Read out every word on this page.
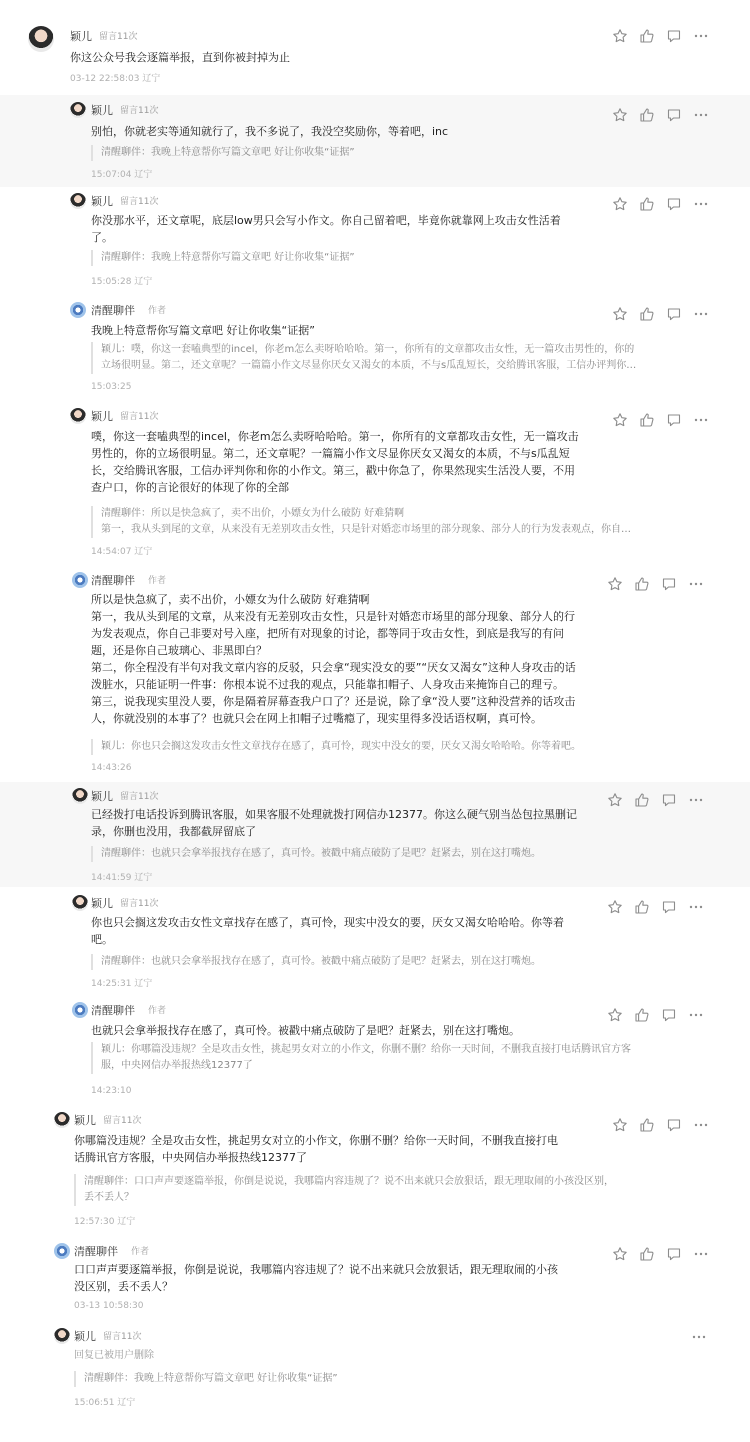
颖儿 留言11次
你这公众号我会逐篇举报，直到你被封掉为止
03-12 22:58:03 辽宁
颖儿 留言11次
别怕，你就老实等通知就行了，我不多说了，我没空奖励你，等着吧，inc
清醒聊伴：我晚上特意帮你写篇文章吧 好让你收集“证据”
15:07:04 辽宁
颖儿 留言11次
你没那水平，还文章呢，底层low男只会写小作文。你自己留着吧，毕竟你就靠网上攻击女性活着
了。
清醒聊伴：我晚上特意帮你写篇文章吧 好让你收集“证据”
15:05:28 辽宁
清醒聊伴 作者
我晚上特意帮你写篇文章吧 好让你收集“证据”
颖儿：噗，你这一套嗑典型的incel，你老m怎么卖呀哈哈哈。第一，你所有的文章都攻击女性，无一篇攻击男性的，你的
立场很明显。第二，还文章呢？一篇篇小作文尽显你厌女又渴女的本质，不与s瓜乱短长，交给腾讯客服，工信办评判你…
15:03:25
颖儿 留言11次
噗，你这一套嗑典型的incel，你老m怎么卖呀哈哈哈。第一，你所有的文章都攻击女性，无一篇攻击
男性的，你的立场很明显。第二，还文章呢？一篇篇小作文尽显你厌女又渴女的本质，不与s瓜乱短
长，交给腾讯客服，工信办评判你和你的小作文。第三，戳中你急了，你果然现实生活没人要，不用
查户口，你的言论很好的体现了你的全部
清醒聊伴：所以是快急疯了，卖不出价，小嫖女为什么破防 好难猜啊
第一，我从头到尾的文章，从来没有无差别攻击女性，只是针对婚恋市场里的部分现象、部分人的行为发表观点，你自…
14:54:07 辽宁
清醒聊伴 作者
所以是快急疯了，卖不出价，小嫖女为什么破防 好难猜啊
第一，我从头到尾的文章，从来没有无差别攻击女性，只是针对婚恋市场里的部分现象、部分人的行
为发表观点，你自己非要对号入座，把所有对现象的讨论，都等同于攻击女性，到底是我写的有问
题，还是你自己玻璃心、非黑即白？
第二，你全程没有半句对我文章内容的反驳，只会拿“现实没女的要”“厌女又渴女”这种人身攻击的话
泼脏水，只能证明一件事：你根本说不过我的观点，只能靠扣帽子、人身攻击来掩饰自己的理亏。
第三，说我现实里没人要，你是隔着屏幕查我户口了？还是说，除了拿“没人要”这种没营养的话攻击
人，你就没别的本事了？也就只会在网上扣帽子过嘴瘾了，现实里得多没话语权啊，真可怜。
颖儿：你也只会搁这发攻击女性文章找存在感了，真可怜，现实中没女的要，厌女又渴女哈哈哈。你等着吧。
14:43:26
颖儿 留言11次
已经拨打电话投诉到腾讯客服，如果客服不处理就拨打网信办12377。你这么硬气别当怂包拉黑删记
录，你删也没用，我都截屏留底了
清醒聊伴：也就只会拿举报找存在感了，真可怜。被戳中痛点破防了是吧？赶紧去，别在这打嘴炮。
14:41:59 辽宁
颖儿 留言11次
你也只会搁这发攻击女性文章找存在感了，真可怜，现实中没女的要，厌女又渴女哈哈哈。你等着
吧。
清醒聊伴：也就只会拿举报找存在感了，真可怜。被戳中痛点破防了是吧？赶紧去，别在这打嘴炮。
14:25:31 辽宁
清醒聊伴 作者
也就只会拿举报找存在感了，真可怜。被戳中痛点破防了是吧？赶紧去，别在这打嘴炮。
颖儿：你哪篇没违规？全是攻击女性，挑起男女对立的小作文，你删不删？给你一天时间，不删我直接打电话腾讯官方客
服，中央网信办举报热线12377了
14:23:10
颖儿 留言11次
你哪篇没违规？全是攻击女性，挑起男女对立的小作文，你删不删？给你一天时间，不删我直接打电
话腾讯官方客服，中央网信办举报热线12377了
清醒聊伴：口口声声要逐篇举报，你倒是说说，我哪篇内容违规了？说不出来就只会放狠话，跟无理取闹的小孩没区别，
丢不丢人？
12:57:30 辽宁
清醒聊伴 作者
口口声声要逐篇举报，你倒是说说，我哪篇内容违规了？说不出来就只会放狠话，跟无理取闹的小孩
没区别，丢不丢人？
03-13 10:58:30
颖儿 留言11次
回复已被用户删除
清醒聊伴：我晚上特意帮你写篇文章吧 好让你收集“证据”
15:06:51 辽宁
